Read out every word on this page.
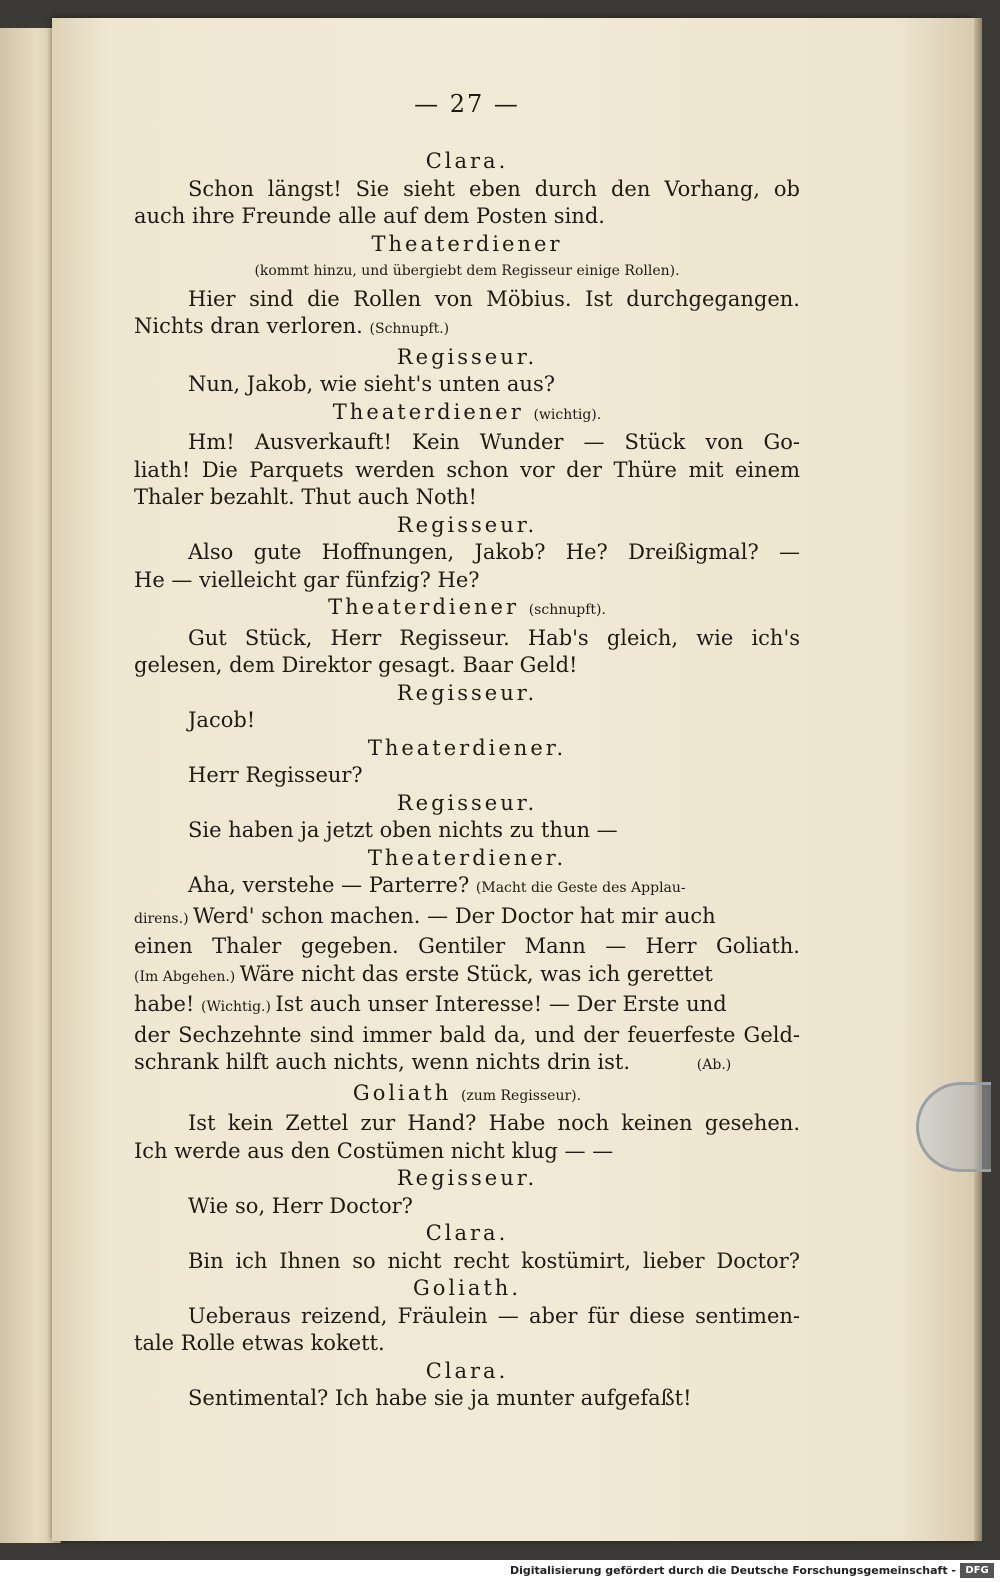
— 27 —
Clara.
Schon längst! Sie sieht eben durch den Vorhang, ob
auch ihre Freunde alle auf dem Posten sind.
Theaterdiener
(kommt hinzu, und übergiebt dem Regisseur einige Rollen).
Hier sind die Rollen von Möbius. Ist durchgegangen.
Nichts dran verloren. (Schnupft.)
Regisseur.
Nun, Jakob, wie sieht's unten aus?
Theaterdiener (wichtig).
Hm! Ausverkauft! Kein Wunder — Stück von Go-
liath! Die Parquets werden schon vor der Thüre mit einem
Thaler bezahlt. Thut auch Noth!
Regisseur.
Also gute Hoffnungen, Jakob? He? Dreißigmal? —
He — vielleicht gar fünfzig? He?
Theaterdiener (schnupft).
Gut Stück, Herr Regisseur. Hab's gleich, wie ich's
gelesen, dem Direktor gesagt. Baar Geld!
Regisseur.
Jacob!
Theaterdiener.
Herr Regisseur?
Regisseur.
Sie haben ja jetzt oben nichts zu thun —
Theaterdiener.
Aha, verstehe — Parterre? (Macht die Geste des Applau-
direns.) Werd' schon machen. — Der Doctor hat mir auch
einen Thaler gegeben. Gentiler Mann — Herr Goliath.
(Im Abgehen.) Wäre nicht das erste Stück, was ich gerettet
habe! (Wichtig.) Ist auch unser Interesse! — Der Erste und
der Sechzehnte sind immer bald da, und der feuerfeste Geld-
schrank hilft auch nichts, wenn nichts drin ist.          (Ab.)
Goliath (zum Regisseur).
Ist kein Zettel zur Hand? Habe noch keinen gesehen.
Ich werde aus den Costümen nicht klug — —
Regisseur.
Wie so, Herr Doctor?
Clara.
Bin ich Ihnen so nicht recht kostümirt, lieber Doctor?
Goliath.
Ueberaus reizend, Fräulein — aber für diese sentimen-
tale Rolle etwas kokett.
Clara.
Sentimental? Ich habe sie ja munter aufgefaßt!
Digitalisierung gefördert durch die Deutsche Forschungsgemeinschaft - DFG
